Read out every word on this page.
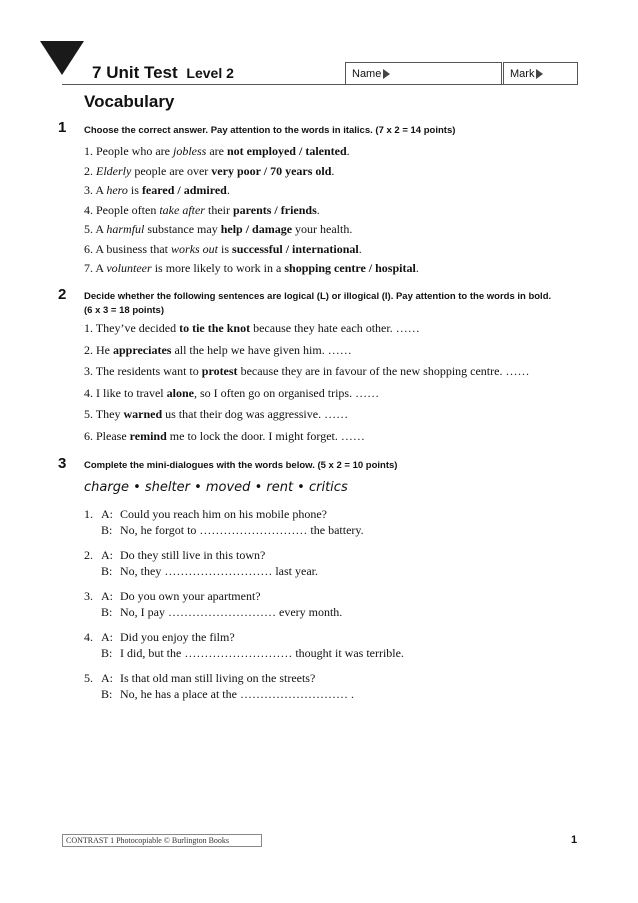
7 Unit Test Level 2	Name	Mark
Vocabulary
1 Choose the correct answer. Pay attention to the words in italics. (7 x 2 = 14 points)
1. People who are jobless are not employed / talented.
2. Elderly people are over very poor / 70 years old.
3. A hero is feared / admired.
4. People often take after their parents / friends.
5. A harmful substance may help / damage your health.
6. A business that works out is successful / international.
7. A volunteer is more likely to work in a shopping centre / hospital.
2 Decide whether the following sentences are logical (L) or illogical (I). Pay attention to the words in bold.
(6 x 3 = 18 points)
1. They’ve decided to tie the knot because they hate each other. ……
2. He appreciates all the help we have given him. ……
3. The residents want to protest because they are in favour of the new shopping centre. ……
4. I like to travel alone, so I often go on organised trips. ……
5. They warned us that their dog was aggressive. ……
6. Please remind me to lock the door. I might forget. ……
3 Complete the mini-dialogues with the words below. (5 x 2 = 10 points)
charge • shelter • moved • rent • critics
1. A: Could you reach him on his mobile phone?
B: No, he forgot to ……………………… the battery.
2. A: Do they still live in this town?
B: No, they ……………………… last year.
3. A: Do you own your apartment?
B: No, I pay ……………………… every month.
4. A: Did you enjoy the film?
B: I did, but the ……………………… thought it was terrible.
5. A: Is that old man still living on the streets?
B: No, he has a place at the ……………………… .
CONTRAST 1 Photocopiable © Burlington Books	1
